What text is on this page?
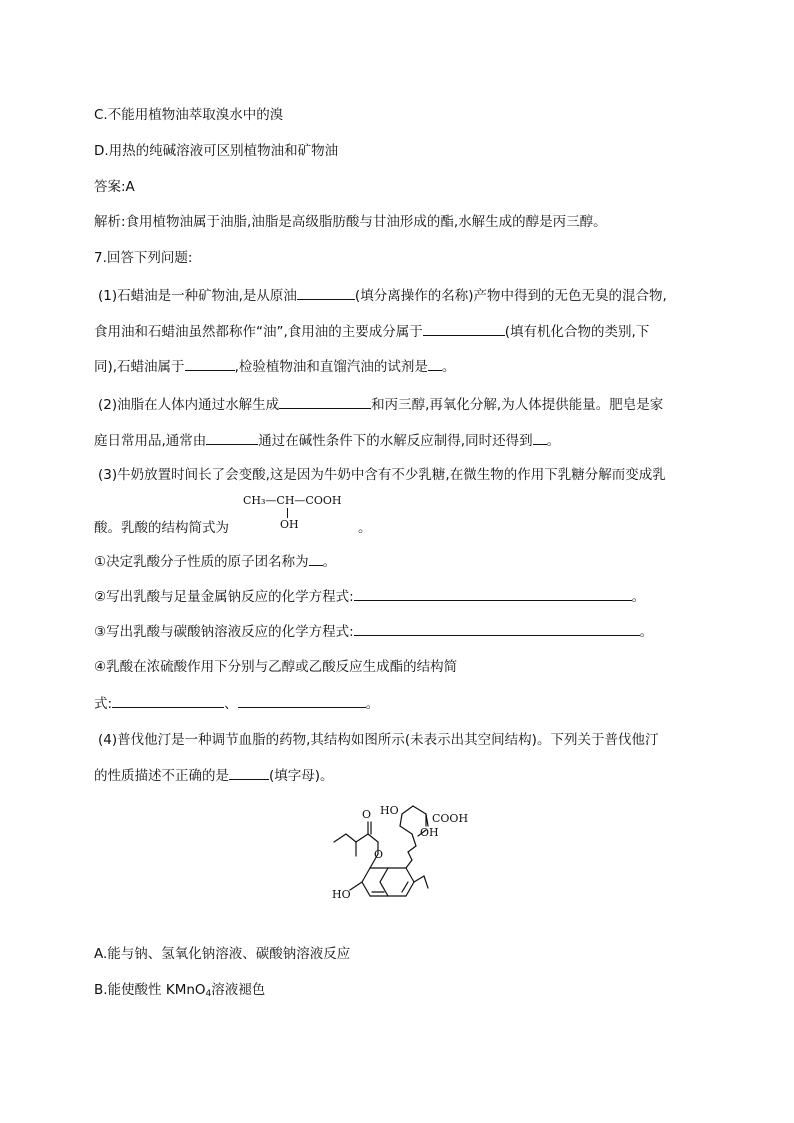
C.不能用植物油萃取溴水中的溴
D.用热的纯碱溶液可区别植物油和矿物油
答案:A
解析:食用植物油属于油脂,油脂是高级脂肪酸与甘油形成的酯,水解生成的醇是丙三醇。
7.回答下列问题:
(1)石蜡油是一种矿物油,是从原油	(填分离操作的名称)产物中得到的无色无臭的混合物,
食用油和石蜡油虽然都称作“油”,食用油的主要成分属于	(填有机化合物的类别,下
同),石蜡油属于	,检验植物油和直馏汽油的试剂是 。
(2)油脂在人体内通过水解生成	和丙三醇,再氧化分解,为人体提供能量。肥皂是家
庭日常用品,通常由	通过在碱性条件下的水解反应制得,同时还得到 。
(3)牛奶放置时间长了会变酸,这是因为牛奶中含有不少乳糖,在微生物的作用下乳糖分解而变成乳
酸。乳酸的结构简式为	。
CH₃—CH—COOH
OH
①决定乳酸分子性质的原子团名称为 。
②写出乳酸与足量金属钠反应的化学方程式:	。
③写出乳酸与碳酸钠溶液反应的化学方程式:	。
④乳酸在浓硫酸作用下分别与乙醇或乙酸反应生成酯的结构简
式:	、	。
(4)普伐他汀是一种调节血脂的药物,其结构如图所示(未表示出其空间结构)。下列关于普伐他汀
的性质描述不正确的是	(填字母)。
HO
COOH
OH
O
O
HO
A.能与钠、氢氧化钠溶液、碳酸钠溶液反应
B.能使酸性 KMnO$_4$溶液褪色
